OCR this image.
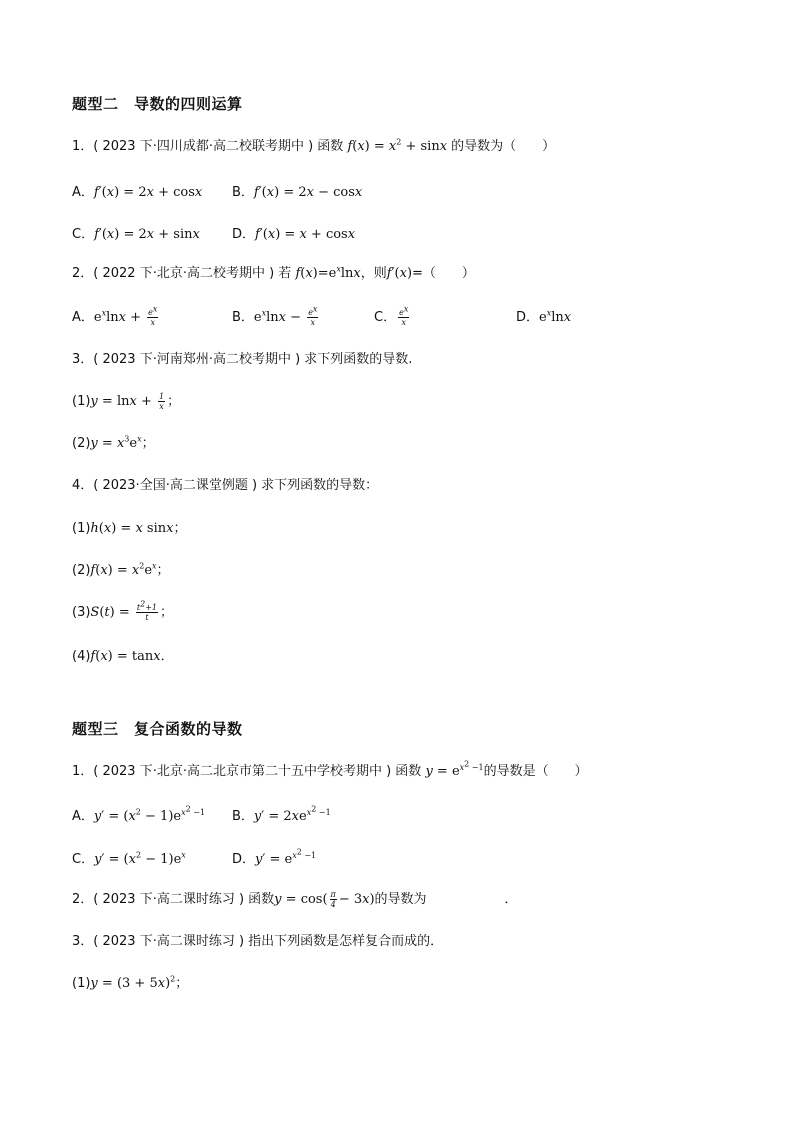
题型二　导数的四则运算
1．( 2023 下·四川成都·高二校联考期中 ) 函数 $f(x) = x^2 + \sin x$ 的导数为（　　）
A．f′(x) = 2x + cosx B．f′(x) = 2x − cosx
C．f′(x) = 2x + sinx D．f′(x) = x + cosx
2．( 2022 下·北京·高二校考期中 ) 若 $f(x)=e^x\ln x$，则f′(x)=（　　）
A．$e^x\ln x + \frac{e^x}{x}$	B．$e^x\ln x - \frac{e^x}{x}$	C． $\frac{e^x}{x}$	D．$e^x\ln x$
3．( 2023 下·河南郑州·高二校考期中 ) 求下列函数的导数.
$(1)y = \ln x + \frac{1}{x}$ ；
$(2)y = x^3e^x$；
4．( 2023·全国·高二课堂例题 ) 求下列函数的导数：
(1)h(x) = x sinx；
$(2)f(x) = x^2e^x$；
$(3)S(t) = \frac{t^2+1}{t}$ ；
(4)f(x) = tanx．
题型三　复合函数的导数
1．( 2023 下·北京·高二北京市第二十五中学校考期中 ) 函数 $y = e^{x^2 -1}$的导数是（　　）
A．$y' = (x^2 - 1)e^{x^2 -1}$ B．$y' = 2xe^{x^2 -1}$
C．$y' = (x^2 - 1)e^x$	D．$y' = e^{x^2 -1}$
2．( 2023 下·高二课时练习 ) 函数$y = \cos( \frac{\pi}{4} - 3x)$的导数为　　　　　　．
3．( 2023 下·高二课时练习 ) 指出下列函数是怎样复合而成的．
$(1)y = (3 + 5x)^2$；
